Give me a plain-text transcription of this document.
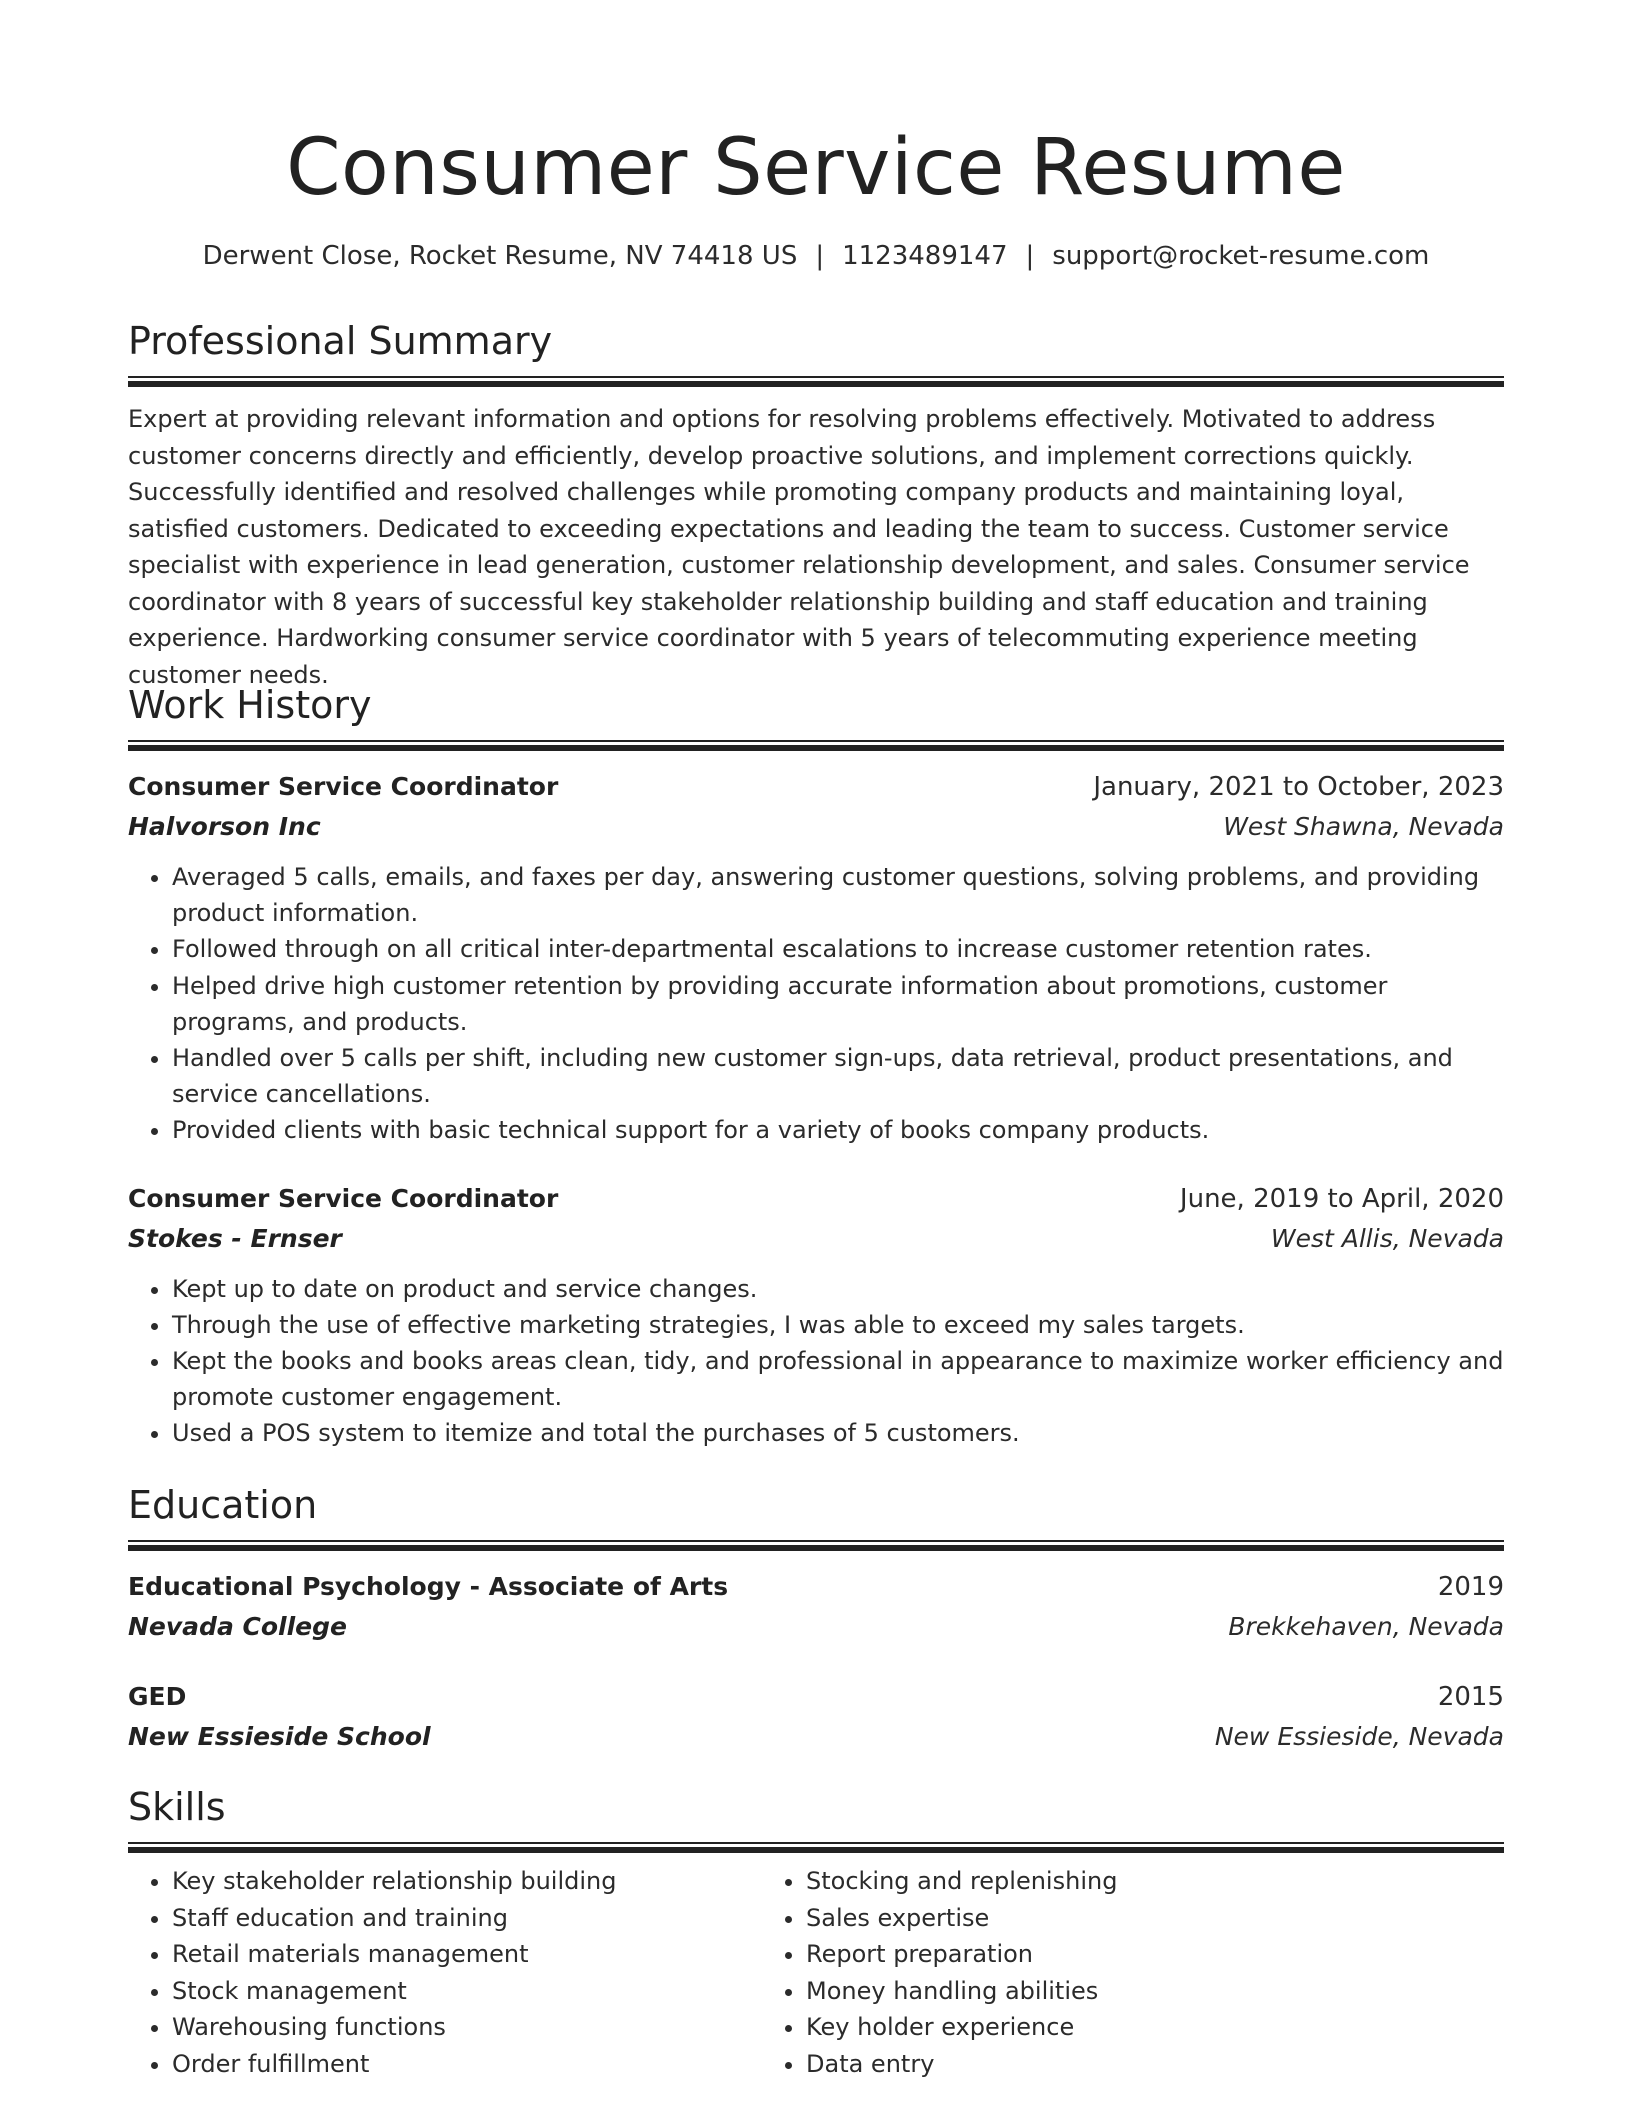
Consumer Service Resume
Derwent Close, Rocket Resume, NV 74418 US | 1123489147 | support@rocket-resume.com
Professional Summary

Expert at providing relevant information and options for resolving problems effectively. Motivated to address customer concerns directly and efficiently, develop proactive solutions, and implement corrections quickly. Successfully identified and resolved challenges while promoting company products and maintaining loyal, satisfied customers. Dedicated to exceeding expectations and leading the team to success. Customer service specialist with experience in lead generation, customer relationship development, and sales. Consumer service coordinator with 8 years of successful key stakeholder relationship building and staff education and training experience. Hardworking consumer service coordinator with 5 years of telecommuting experience meeting customer needs.

Work History
Consumer Service Coordinator	January, 2021 to October, 2023
Halvorson Inc	West Shawna, Nevada
• Averaged 5 calls, emails, and faxes per day, answering customer questions, solving problems, and providing product information.
• Followed through on all critical inter-departmental escalations to increase customer retention rates.
• Helped drive high customer retention by providing accurate information about promotions, customer programs, and products.
• Handled over 5 calls per shift, including new customer sign-ups, data retrieval, product presentations, and service cancellations.
• Provided clients with basic technical support for a variety of books company products.
Consumer Service Coordinator	June, 2019 to April, 2020
Stokes - Ernser	West Allis, Nevada
• Kept up to date on product and service changes.
• Through the use of effective marketing strategies, I was able to exceed my sales targets.
• Kept the books and books areas clean, tidy, and professional in appearance to maximize worker efficiency and promote customer engagement.
• Used a POS system to itemize and total the purchases of 5 customers.
Education
Educational Psychology - Associate of Arts	2019
Nevada College	Brekkehaven, Nevada
GED	2015
New Essieside School	New Essieside, Nevada
Skills
• Key stakeholder relationship building
• Staff education and training
• Retail materials management
• Stock management
• Warehousing functions
• Order fulfillment
• Stocking and replenishing
• Sales expertise
• Report preparation
• Money handling abilities
• Key holder experience
• Data entry
